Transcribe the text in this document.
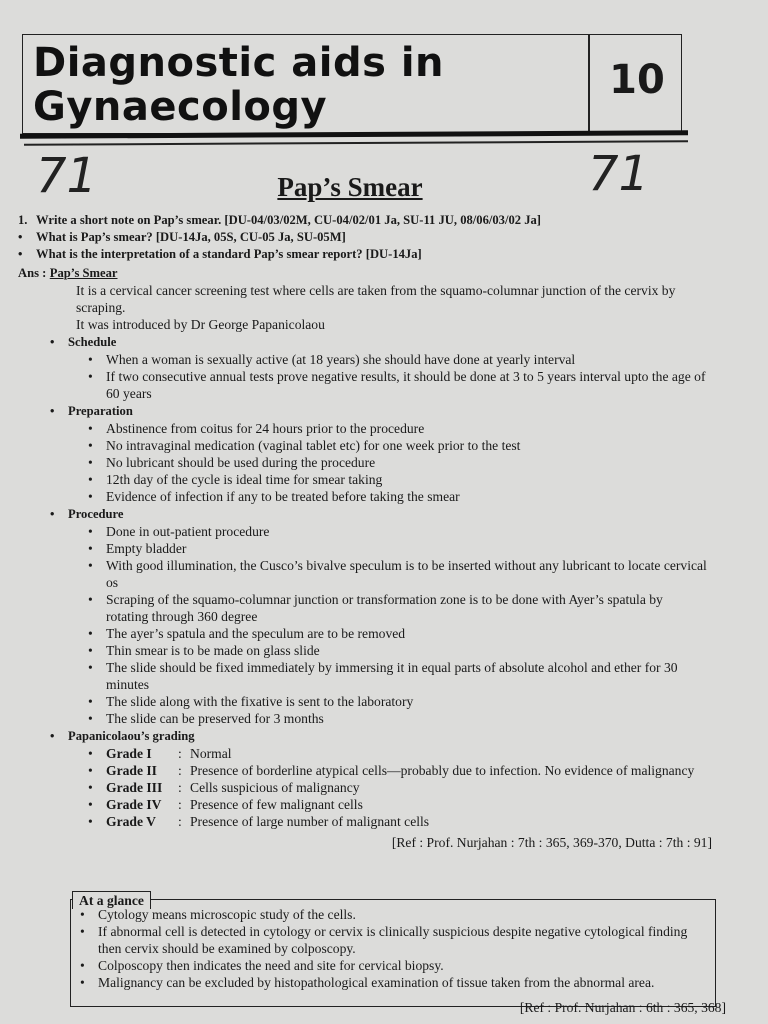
Diagnostic aids in
Gynaecology
10
71	71
Pap’s Smear
1. Write a short note on Pap’s smear. [DU-04/03/02M, CU-04/02/01 Ja, SU-11 JU, 08/06/03/02 Ja]
• What is Pap’s smear? [DU-14Ja, 05S, CU-05 Ja, SU-05M]
• What is the interpretation of a standard Pap’s smear report? [DU-14Ja]
Ans : Pap’s Smear
It is a cervical cancer screening test where cells are taken from the squamo-columnar junction of the cervix by scraping.
It was introduced by Dr George Papanicolaou
• Schedule
• When a woman is sexually active (at 18 years) she should have done at yearly interval
• If two consecutive annual tests prove negative results, it should be done at 3 to 5 years interval upto the age of 60 years
• Preparation
• Abstinence from coitus for 24 hours prior to the procedure
• No intravaginal medication (vaginal tablet etc) for one week prior to the test
• No lubricant should be used during the procedure
• 12th day of the cycle is ideal time for smear taking
• Evidence of infection if any to be treated before taking the smear
• Procedure
• Done in out-patient procedure
• Empty bladder
• With good illumination, the Cusco’s bivalve speculum is to be inserted without any lubricant to locate cervical os
• Scraping of the squamo-columnar junction or transformation zone is to be done with Ayer’s spatula by rotating through 360 degree
• The ayer’s spatula and the speculum are to be removed
• Thin smear is to be made on glass slide
• The slide should be fixed immediately by immersing it in equal parts of absolute alcohol and ether for 30 minutes
• The slide along with the fixative is sent to the laboratory
• The slide can be preserved for 3 months
• Papanicolaou’s grading
• Grade I	: Normal
• Grade II	: Presence of borderline atypical cells—probably due to infection. No evidence of malignancy
• Grade III	: Cells suspicious of malignancy
• Grade IV	: Presence of few malignant cells
• Grade V	: Presence of large number of malignant cells
[Ref : Prof. Nurjahan : 7th : 365, 369-370, Dutta : 7th : 91]
At a glance
• Cytology means microscopic study of the cells.
• If abnormal cell is detected in cytology or cervix is clinically suspicious despite negative cytological finding then cervix should be examined by colposcopy.
• Colposcopy then indicates the need and site for cervical biopsy.
• Malignancy can be excluded by histopathological examination of tissue taken from the abnormal area.
[Ref : Prof. Nurjahan : 6th : 365, 368]
